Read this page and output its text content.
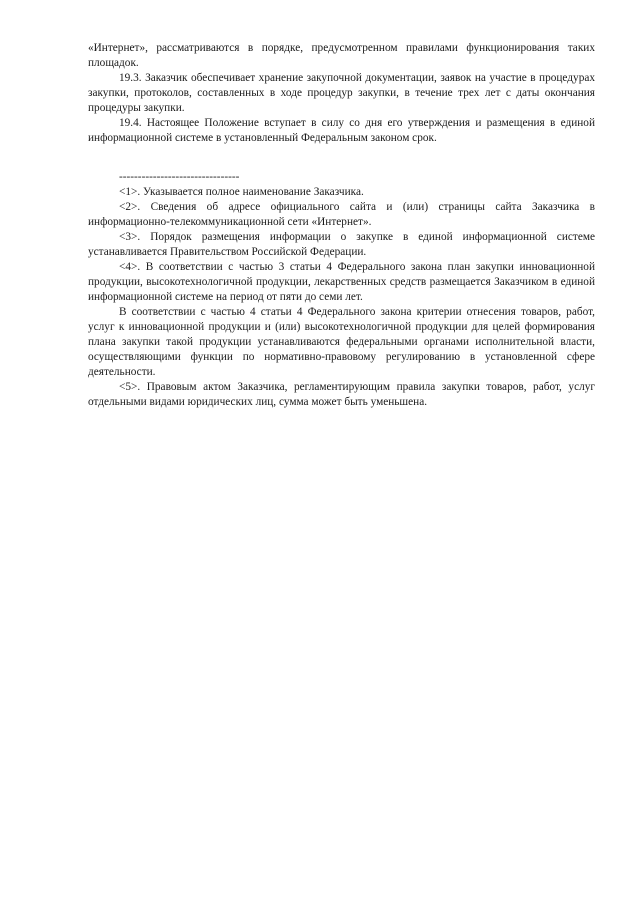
«Интернет», рассматриваются в порядке, предусмотренном правилами функционирования таких площадок.

19.3. Заказчик обеспечивает хранение закупочной документации, заявок на участие в процедурах закупки, протоколов, составленных в ходе процедур закупки, в течение трех лет с даты окончания процедуры закупки.

19.4. Настоящее Положение вступает в силу со дня его утверждения и размещения в единой информационной системе в установленный Федеральным законом срок.

--------------------------------

<1>. Указывается полное наименование Заказчика.

<2>. Сведения об адресе официального сайта и (или) страницы сайта Заказчика в информационно-телекоммуникационной сети «Интернет».

<3>. Порядок размещения информации о закупке в единой информационной системе устанавливается Правительством Российской Федерации.

<4>. В соответствии с частью 3 статьи 4 Федерального закона план закупки инновационной продукции, высокотехнологичной продукции, лекарственных средств размещается Заказчиком в единой информационной системе на период от пяти до семи лет.

В соответствии с частью 4 статьи 4 Федерального закона критерии отнесения товаров, работ, услуг к инновационной продукции и (или) высокотехнологичной продукции для целей формирования плана закупки такой продукции устанавливаются федеральными органами исполнительной власти, осуществляющими функции по нормативно-правовому регулированию в установленной сфере деятельности.

<5>. Правовым актом Заказчика, регламентирующим правила закупки товаров, работ, услуг отдельными видами юридических лиц, сумма может быть уменьшена.
